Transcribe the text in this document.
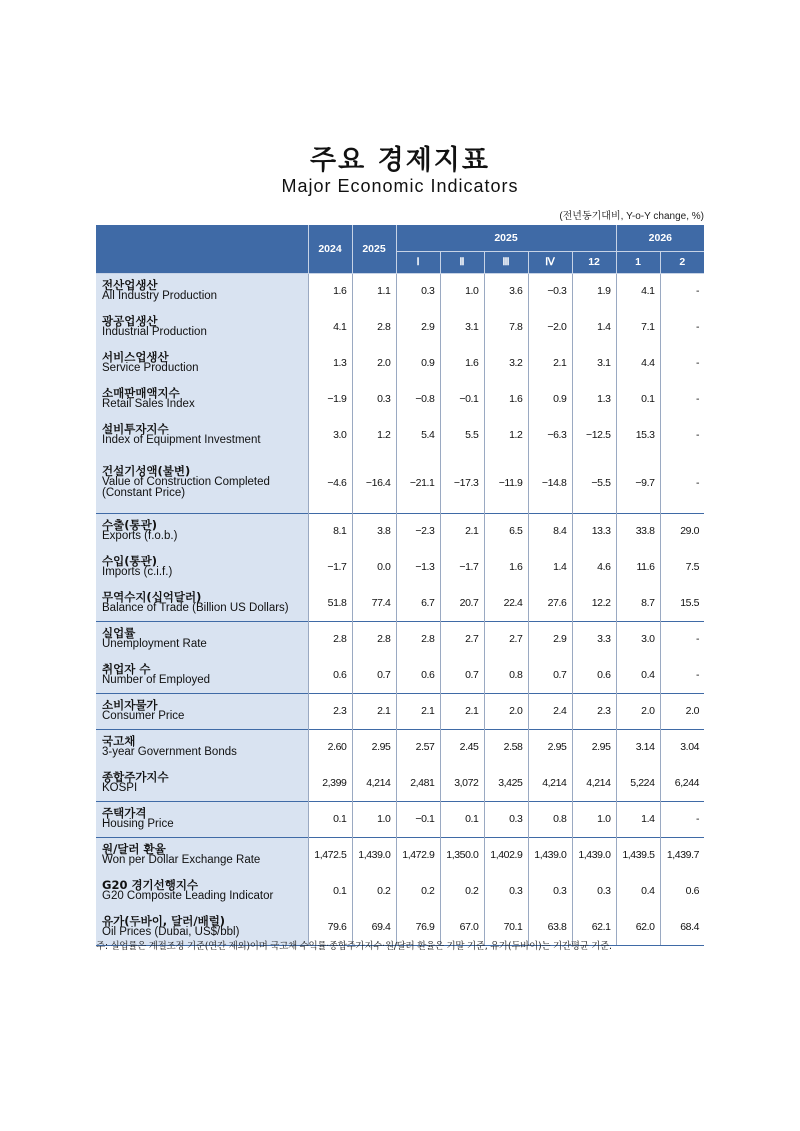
주요 경제지표
Major Economic Indicators
(전년동기대비, Y-o-Y change, %)
	2024	2025	2025					2026	
			Ⅰ	Ⅱ	Ⅲ	Ⅳ	12	1	2

전산업생산
All Industry Production	1.6	1.1	0.3	1.0	3.6	−0.3	1.9	4.1	-

광공업생산
Industrial Production	4.1	2.8	2.9	3.1	7.8	−2.0	1.4	7.1	-

서비스업생산
Service Production	1.3	2.0	0.9	1.6	3.2	2.1	3.1	4.4	-

소매판매액지수
Retail Sales Index	−1.9	0.3	−0.8	−0.1	1.6	0.9	1.3	0.1	-

설비투자지수
Index of Equipment Investment	3.0	1.2	5.4	5.5	1.2	−6.3	−12.5	15.3	-

건설기성액(불변)
Value of Construction Completed
(Constant Price)	−4.6	−16.4	−21.1	−17.3	−11.9	−14.8	−5.5	−9.7	-

수출(통관)
Exports (f.o.b.)	8.1	3.8	−2.3	2.1	6.5	8.4	13.3	33.8	29.0

수입(통관)
Imports (c.i.f.)	−1.7	0.0	−1.3	−1.7	1.6	1.4	4.6	11.6	7.5

무역수지(십억달러)
Balance of Trade (Billion US Dollars)	51.8	77.4	6.7	20.7	22.4	27.6	12.2	8.7	15.5

실업률
Unemployment Rate	2.8	2.8	2.8	2.7	2.7	2.9	3.3	3.0	-

취업자 수
Number of Employed	0.6	0.7	0.6	0.7	0.8	0.7	0.6	0.4	-

소비자물가
Consumer Price	2.3	2.1	2.1	2.1	2.0	2.4	2.3	2.0	2.0

국고채
3-year Government Bonds	2.60	2.95	2.57	2.45	2.58	2.95	2.95	3.14	3.04

종합주가지수
KOSPI	2,399	4,214	2,481	3,072	3,425	4,214	4,214	5,224	6,244

주택가격
Housing Price	0.1	1.0	−0.1	0.1	0.3	0.8	1.0	1.4	-

원/달러 환율
Won per Dollar Exchange Rate	1,472.5	1,439.0	1,472.9	1,350.0	1,402.9	1,439.0	1,439.0	1,439.5	1,439.7

G20 경기선행지수
G20 Composite Leading Indicator	0.1	0.2	0.2	0.2	0.3	0.3	0.3	0.4	0.6

유가(두바이, 달러/배럴)
Oil Prices (Dubai, US$/bbl)	79.6	69.4	76.9	67.0	70.1	63.8	62.1	62.0	68.4
주: 실업률은 계절조정 기준(연간 제외)이며 국고채 수익률·종합주가지수·원/달러 환율은 기말 기준, 유가(두바이)는 기간평균 기준.
